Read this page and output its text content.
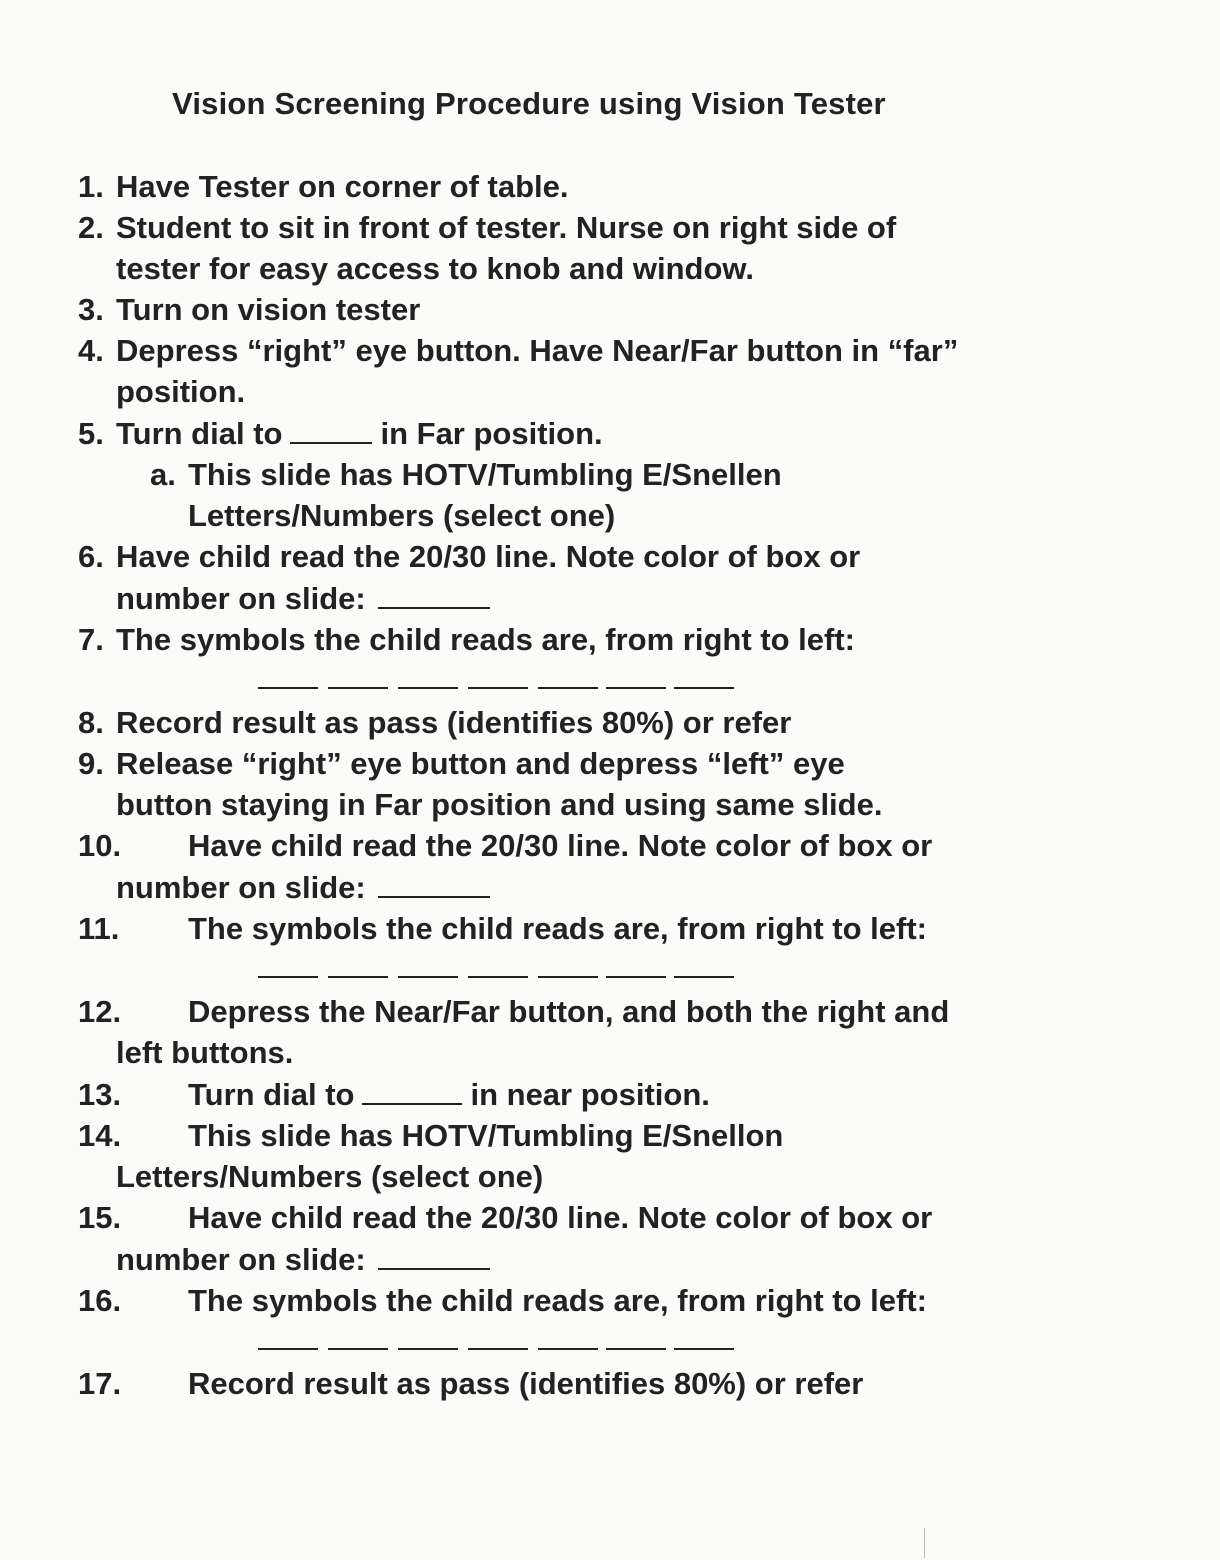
Vision Screening Procedure using Vision Tester
1. Have Tester on corner of table.
2. Student to sit in front of tester. Nurse on right side of
tester for easy access to knob and window.
3. Turn on vision tester
4. Depress “right” eye button. Have Near/Far button in “far”
position.
5. Turn dial to	in Far position.
a. This slide has HOTV/Tumbling E/Snellen
Letters/Numbers (select one)
6. Have child read the 20/30 line. Note color of box or
number on slide:
7. The symbols the child reads are, from right to left:
8. Record result as pass (identifies 80%) or refer
9. Release “right” eye button and depress “left” eye
button staying in Far position and using same slide.
10. Have child read the 20/30 line. Note color of box or
number on slide:
11. The symbols the child reads are, from right to left:
12. Depress the Near/Far button, and both the right and
left buttons.
13. Turn dial to	in near position.
14. This slide has HOTV/Tumbling E/Snellon
Letters/Numbers (select one)
15. Have child read the 20/30 line. Note color of box or
number on slide:
16. The symbols the child reads are, from right to left:
17. Record result as pass (identifies 80%) or refer
